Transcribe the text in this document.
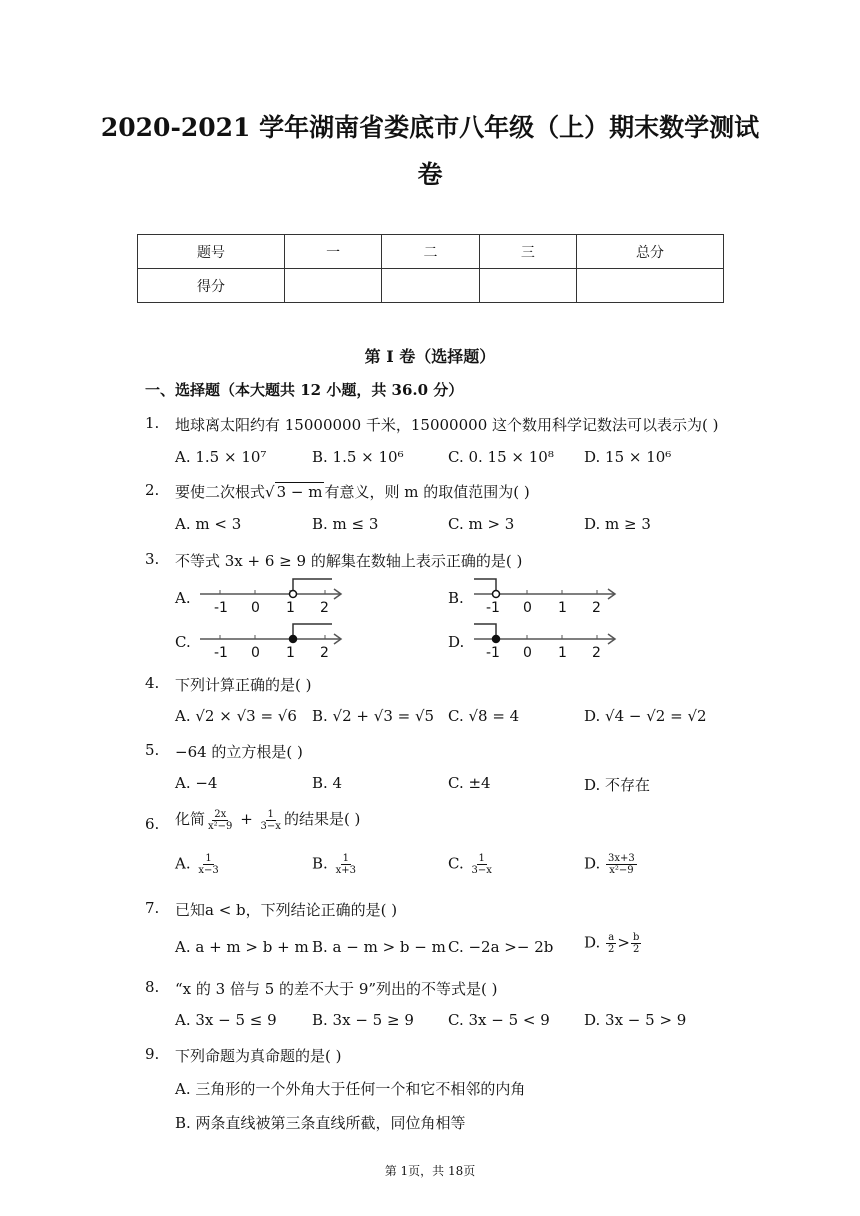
2020-2021 学年湖南省娄底市八年级（上）期末数学测试
卷
题号	一	二	三	总分
得分				
第 I 卷（选择题）
一、选择题（本大题共 12 小题，共 36.0 分）
1. 地球离太阳约有 15000000 千米，15000000 这个数用科学记数法可以表示为( )
A. 1.5 × 10⁷	B. 1.5 × 10⁶	C. 0. 15 × 10⁸ D. 15 × 10⁶
2. 要使二次根式√ 3 − m 有意义，则 m 的取值范围为( )
A. m < 3	B. m ≤ 3	C. m > 3	D. m ≥ 3
3. 不等式 3x + 6 ≥ 9 的解集在数轴上表示正确的是( )
A.
-1 0 1 2
B.
-1 0 1 2
C.
-1 0 1 2
D.
-1 0 1 2
4. 下列计算正确的是( )
A. √2 × √3 = √6 B. √2 + √3 = √5 C. √8 = 4	D. √4 − √2 = √2
5. −64 的立方根是( )
A. −4	B. 4	C. ±4	D. 不存在
6. 化简 $\frac{2x}{\text{x²−9}} + \frac{1}{3-x}$ 的结果是( )
A. $\frac{1}{x-3}$	B. $\frac{1}{x+3}$	C. $\frac{1}{3-x}$	D. $\frac{3x+3}{\text{x²−9}}$
7. 已知a < b，下列结论正确的是( )
A. a + m > b + m B. a − m > b − m C. −2a >− 2b D. $\frac{a}{2} > \frac{b}{2}$
8. “x 的 3 倍与 5 的差不大于 9”列出的不等式是( )
A. 3x − 5 ≤ 9 B. 3x − 5 ≥ 9 C. 3x − 5 < 9 D. 3x − 5 > 9
9. 下列命题为真命题的是( )
A. 三角形的一个外角大于任何一个和它不相邻的内角
B. 两条直线被第三条直线所截，同位角相等
第 1页，共 18页
